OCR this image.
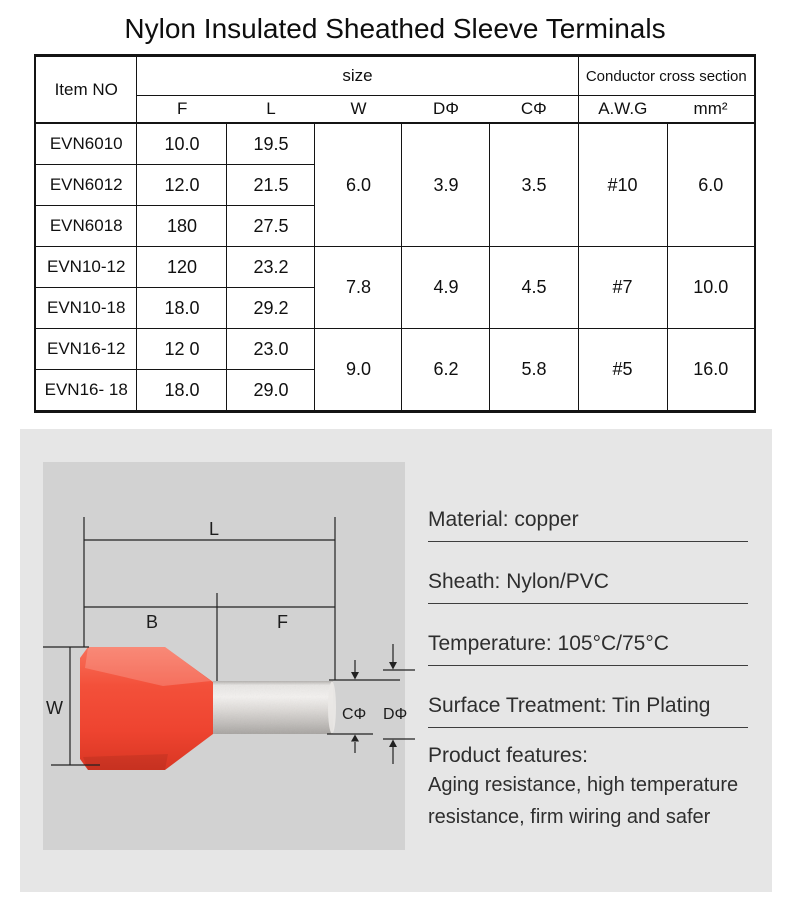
Nylon Insulated Sheathed Sleeve Terminals
Item NO	size					Conductor cross section	
	F	L	W	DΦ	CΦ	A.W.G	mm²
EVN6010	10.0	19.5	6.0	3.9	3.5	#10	6.0
EVN6012	12.0	21.5					
EVN6018	180	27.5					
EVN10-12	120	23.2	7.8	4.9	4.5	#7	10.0
EVN10-18	18.0	29.2					
EVN16-12	12 0	23.0	9.0	6.2	5.8	#5	16.0
EVN16- 18	18.0	29.0					
L
B	F
W	CΦ DΦ
Material: copper
Sheath: Nylon/PVC
Temperature: 105°C/75°C
Surface Treatment: Tin Plating
Product features:
Aging resistance, high temperature
resistance, firm wiring and safer
